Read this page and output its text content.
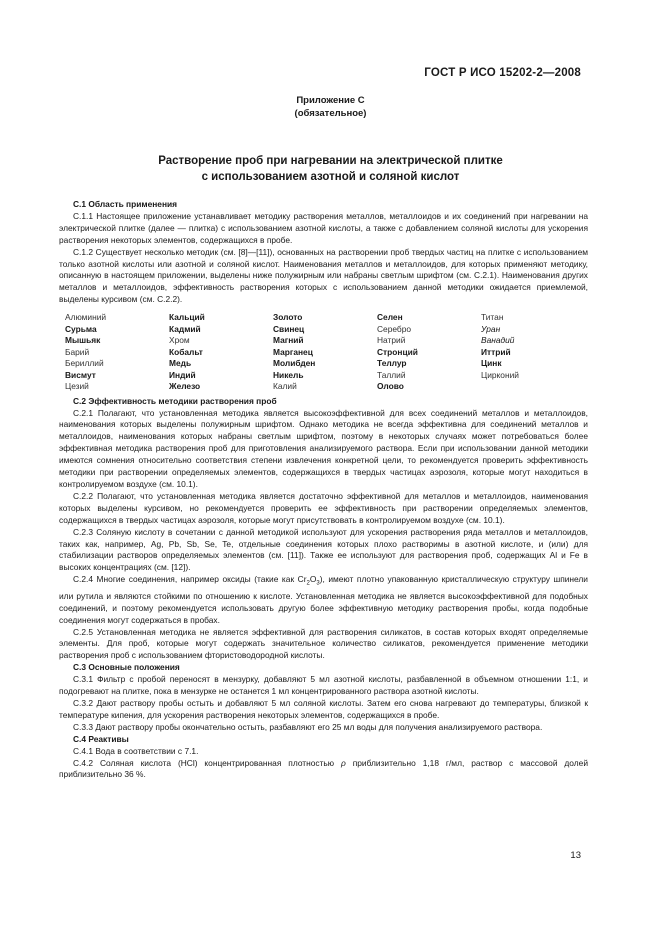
ГОСТ Р ИСО 15202-2—2008
Приложение С
(обязательное)
Растворение проб при нагревании на электрической плитке
с использованием азотной и соляной кислот
С.1 Область применения

С.1.1 Настоящее приложение устанавливает методику растворения металлов, металлоидов и их соединений при нагревании на электрической плитке (далее — плитка) с использованием азотной кислоты, а также с добавлением соляной кислоты для ускорения растворения некоторых элементов, содержащихся в пробе.

С.1.2 Существует несколько методик (см. [8]—[11]), основанных на растворении проб твердых частиц на плитке с использованием только азотной кислоты или азотной и соляной кислот. Наименования металлов и металлоидов, для которых применяют методику, описанную в настоящем приложении, выделены ниже полужирным или набраны светлым шрифтом (см. С.2.1). Наименования других металлов и металлоидов, эффективность растворения которых с использованием данной методики ожидается приемлемой, выделены курсивом (см. С.2.2).

Алюминий
Сурьма
Мышьяк
Барий
Бериллий
Висмут
Цезий
Кальций
Кадмий
Хром
Кобальт
Медь
Индий
Железо
Золото
Свинец
Магний
Марганец
Молибден
Никель
Калий
Селен
Серебро
Натрий
Стронций
Теллур
Таллий
Олово
Титан
Уран
Ванадий
Иттрий
Цинк
Цирконий
С.2 Эффективность методики растворения проб

С.2.1 Полагают, что установленная методика является высокоэффективной для всех соединений металлов и металлоидов, наименования которых выделены полужирным шрифтом. Однако методика не всегда эффективна для соединений металлов и металлоидов, наименования которых набраны светлым шрифтом, поэтому в некоторых случаях может потребоваться более эффективная методика растворения проб для приготовления анализируемого раствора. Если при использовании данной методики имеются сомнения относительно соответствия степени извлечения конкретной цели, то рекомендуется проверить эффективность методики при растворении определяемых элементов, содержащихся в твердых частицах аэрозоля, которые могут находиться в контролируемом воздухе (см. 10.1).

С.2.2 Полагают, что установленная методика является достаточно эффективной для металлов и металлоидов, наименования которых выделены курсивом, но рекомендуется проверить ее эффективность при растворении определяемых элементов, содержащихся в твердых частицах аэрозоля, которые могут присутствовать в контролируемом воздухе (см. 10.1).

С.2.3 Соляную кислоту в сочетании с данной методикой используют для ускорения растворения ряда металлов и металлоидов, таких как, например, Ag, Pb, Sb, Se, Te, отдельные соединения которых плохо растворимы в азотной кислоте, и (или) для стабилизации растворов определяемых элементов (см. [11]). Также ее используют для растворения проб, содержащих Al и Fe в высоких концентрациях (см. [12]).

С.2.4 Многие соединения, например оксиды (такие как $Cr_2O_3$), имеют плотно упакованную кристаллическую структуру шпинели или рутила и являются стойкими по отношению к кислоте. Установленная методика не является высокоэффективной для подобных соединений, и поэтому рекомендуется использовать другую более эффективную методику растворения пробы, когда подобные соединения могут содержаться в пробах.

С.2.5 Установленная методика не является эффективной для растворения силикатов, в состав которых входят определяемые элементы. Для проб, которые могут содержать значительное количество силикатов, рекомендуется применение методики растворения проб с использованием фтористоводородной кислоты.

С.3 Основные положения

С.3.1 Фильтр с пробой переносят в мензурку, добавляют 5 мл азотной кислоты, разбавленной в объемном отношении 1:1, и подогревают на плитке, пока в мензурке не останется 1 мл концентрированного раствора азотной кислоты.

С.3.2 Дают раствору пробы остыть и добавляют 5 мл соляной кислоты. Затем его снова нагревают до температуры, близкой к температуре кипения, для ускорения растворения некоторых элементов, содержащихся в пробе.

С.3.3 Дают раствору пробы окончательно остыть, разбавляют его 25 мл воды для получения анализируемого раствора.

С.4 Реактивы

С.4.1 Вода в соответствии с 7.1.

С.4.2 Соляная кислота (HCl) концентрированная плотностью ρ приблизительно 1,18 г/мл, раствор с массовой долей приблизительно 36 %.

13
